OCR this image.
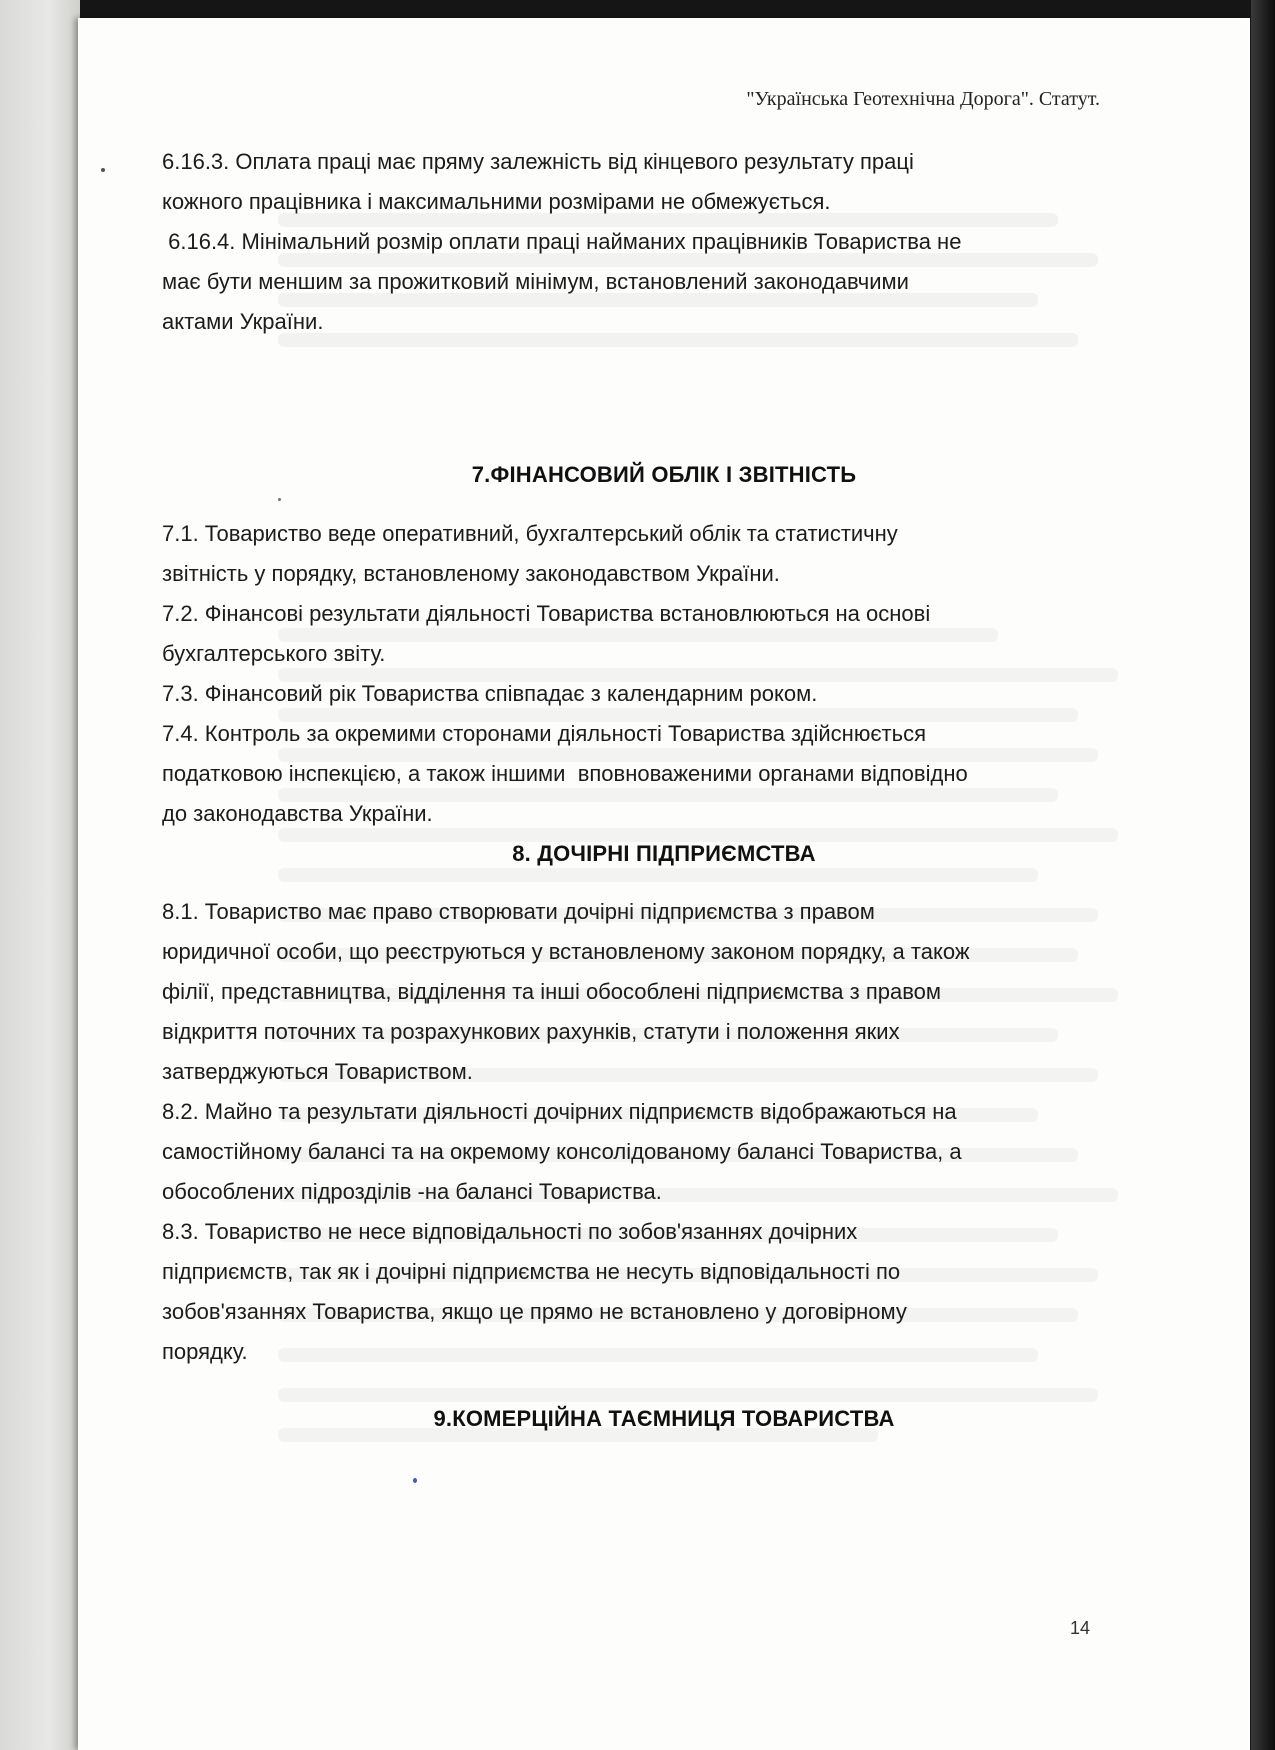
"Українська Геотехнічна Дорога". Статут.

6.16.3. Оплата праці має пряму залежність від кінцевого результату праці
кожного працівника і максимальними розмірами не обмежується.

6.16.4. Мінімальний розмір оплати праці найманих працівників Товариства не
має бути меншим за прожитковий мінімум, встановлений законодавчими
актами України.

7.ФІНАНСОВИЙ ОБЛІК І ЗВІТНІСТЬ

7.1. Товариство веде оперативний, бухгалтерський облік та статистичну
звітність у порядку, встановленому законодавством України.

7.2. Фінансові результати діяльності Товариства встановлюються на основі
бухгалтерського звіту.

7.3. Фінансовий рік Товариства співпадає з календарним роком.

7.4. Контроль за окремими сторонами діяльності Товариства здійснюється
податковою інспекцією, а також іншими  вповноваженими органами відповідно
до законодавства України.

8. ДОЧІРНІ ПІДПРИЄМСТВА

8.1. Товариство має право створювати дочірні підприємства з правом
юридичної особи, що реєструються у встановленому законом порядку, а також
філії, представництва, відділення та інші обособлені підприємства з правом
відкриття поточних та розрахункових рахунків, статути і положення яких
затверджуються Товариством.

8.2. Майно та результати діяльності дочірних підприємств відображаються на
самостійному балансі та на окремому консолідованому балансі Товариства, а
обособлених підрозділів -на балансі Товариства.

8.3. Товариство не несе відповідальності по зобов'язаннях дочірних
підприємств, так як і дочірні підприємства не несуть відповідальності по
зобов'язаннях Товариства, якщо це прямо не встановлено у договірному
порядку.

9.КОМЕРЦІЙНА ТАЄМНИЦЯ ТОВАРИСТВА
14
